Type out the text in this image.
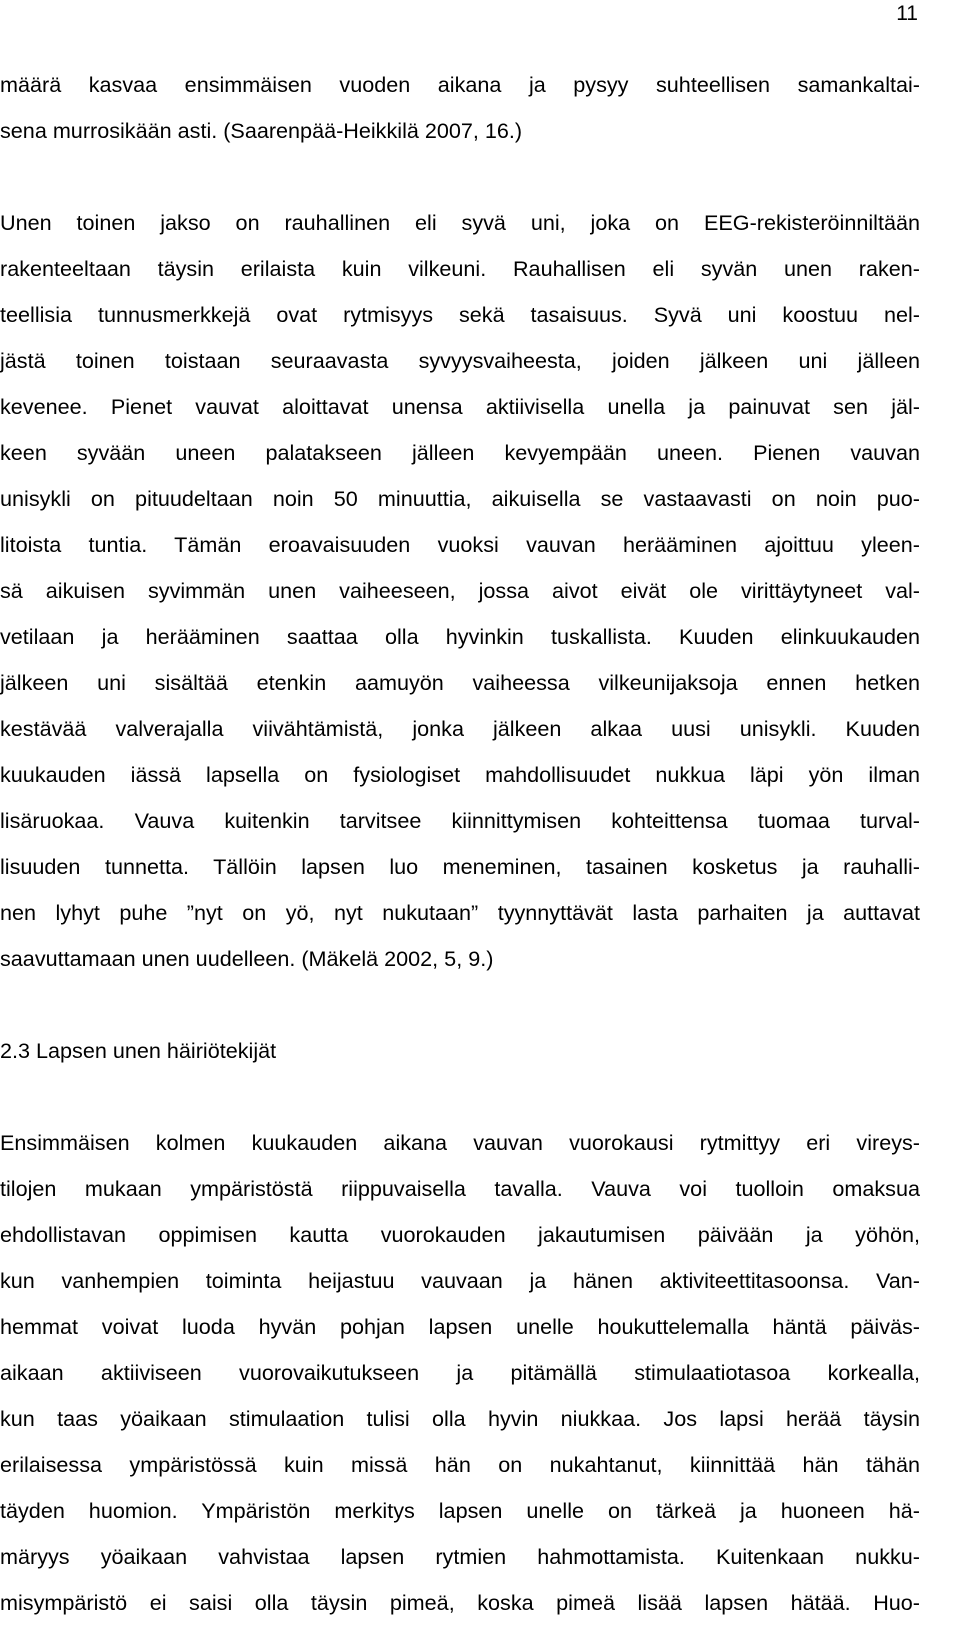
11
määrä kasvaa ensimmäisen vuoden aikana ja pysyy suhteellisen samankaltai-
sena murrosikään asti. (Saarenpää-Heikkilä 2007, 16.)
Unen toinen jakso on rauhallinen eli syvä uni, joka on EEG-rekisteröinniltään
rakenteeltaan täysin erilaista kuin vilkeuni. Rauhallisen eli syvän unen raken-
teellisia tunnusmerkkejä ovat rytmisyys sekä tasaisuus. Syvä uni koostuu nel-
jästä toinen toistaan seuraavasta syvyysvaiheesta, joiden jälkeen uni jälleen
kevenee. Pienet vauvat aloittavat unensa aktiivisella unella ja painuvat sen jäl-
keen syvään uneen palatakseen jälleen kevyempään uneen. Pienen vauvan
unisykli on pituudeltaan noin 50 minuuttia, aikuisella se vastaavasti on noin puo-
litoista tuntia. Tämän eroavaisuuden vuoksi vauvan herääminen ajoittuu yleen-
sä aikuisen syvimmän unen vaiheeseen, jossa aivot eivät ole virittäytyneet val-
vetilaan ja herääminen saattaa olla hyvinkin tuskallista. Kuuden elinkuukauden
jälkeen uni sisältää etenkin aamuyön vaiheessa vilkeunijaksoja ennen hetken
kestävää valverajalla viivähtämistä, jonka jälkeen alkaa uusi unisykli. Kuuden
kuukauden iässä lapsella on fysiologiset mahdollisuudet nukkua läpi yön ilman
lisäruokaa. Vauva kuitenkin tarvitsee kiinnittymisen kohteittensa tuomaa turval-
lisuuden tunnetta. Tällöin lapsen luo meneminen, tasainen kosketus ja rauhalli-
nen lyhyt puhe ”nyt on yö, nyt nukutaan” tyynnyttävät lasta parhaiten ja auttavat
saavuttamaan unen uudelleen. (Mäkelä 2002, 5, 9.)
2.3 Lapsen unen häiriötekijät
Ensimmäisen kolmen kuukauden aikana vauvan vuorokausi rytmittyy eri vireys-
tilojen mukaan ympäristöstä riippuvaisella tavalla. Vauva voi tuolloin omaksua
ehdollistavan oppimisen kautta vuorokauden jakautumisen päivään ja yöhön,
kun vanhempien toiminta heijastuu vauvaan ja hänen aktiviteettitasoonsa. Van-
hemmat voivat luoda hyvän pohjan lapsen unelle houkuttelemalla häntä päiväs-
aikaan aktiiviseen vuorovaikutukseen ja pitämällä stimulaatiotasoa korkealla,
kun taas yöaikaan stimulaation tulisi olla hyvin niukkaa. Jos lapsi herää täysin
erilaisessa ympäristössä kuin missä hän on nukahtanut, kiinnittää hän tähän
täyden huomion. Ympäristön merkitys lapsen unelle on tärkeä ja huoneen hä-
märyys yöaikaan vahvistaa lapsen rytmien hahmottamista. Kuitenkaan nukku-
misympäristö ei saisi olla täysin pimeä, koska pimeä lisää lapsen hätää. Huo-
